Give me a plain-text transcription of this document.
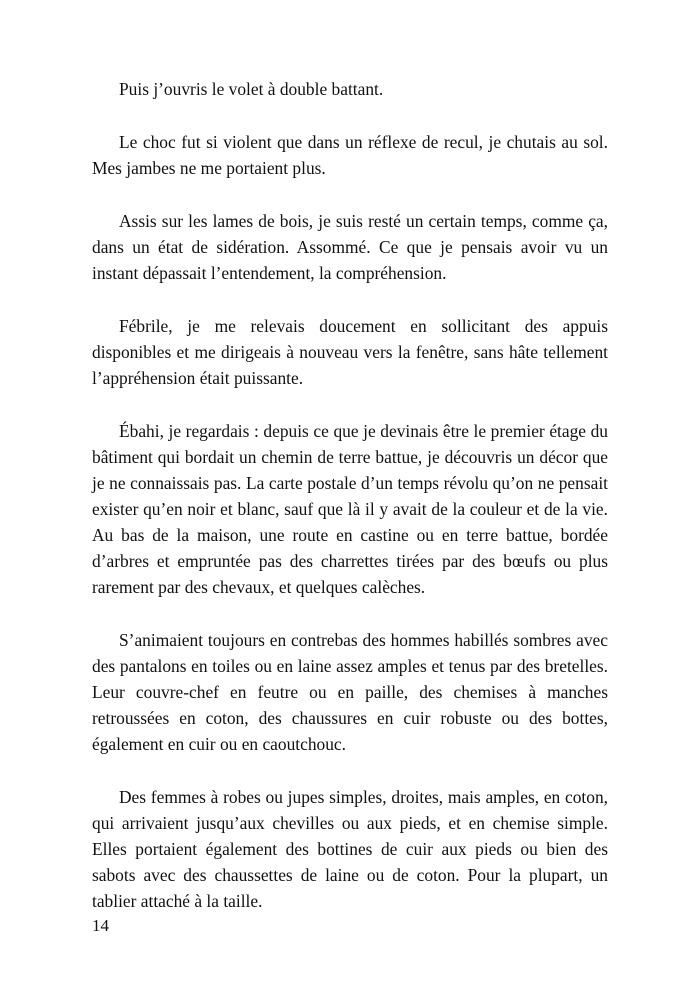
Puis j’ouvris le volet à double battant.

Le choc fut si violent que dans un réflexe de recul, je chutais au sol. Mes jambes ne me portaient plus.

Assis sur les lames de bois, je suis resté un certain temps, comme ça, dans un état de sidération. Assommé. Ce que je pensais avoir vu un instant dépassait l’entendement, la compréhension.

Fébrile, je me relevais doucement en sollicitant des appuis disponibles et me dirigeais à nouveau vers la fenêtre, sans hâte tellement l’appréhension était puissante.

Ébahi, je regardais : depuis ce que je devinais être le premier étage du bâtiment qui bordait un chemin de terre battue, je découvris un décor que je ne connaissais pas. La carte postale d’un temps révolu qu’on ne pensait exister qu’en noir et blanc, sauf que là il y avait de la couleur et de la vie. Au bas de la maison, une route en castine ou en terre battue, bordée d’arbres et empruntée pas des charrettes tirées par des bœufs ou plus rarement par des chevaux, et quelques calèches.

S’animaient toujours en contrebas des hommes habillés sombres avec des pantalons en toiles ou en laine assez amples et tenus par des bretelles. Leur couvre-chef en feutre ou en paille, des chemises à manches retroussées en coton, des chaussures en cuir robuste ou des bottes, également en cuir ou en caoutchouc.

Des femmes à robes ou jupes simples, droites, mais amples, en coton, qui arrivaient jusqu’aux chevilles ou aux pieds, et en chemise simple. Elles portaient également des bottines de cuir aux pieds ou bien des sabots avec des chaussettes de laine ou de coton. Pour la plupart, un tablier attaché à la taille.

14
